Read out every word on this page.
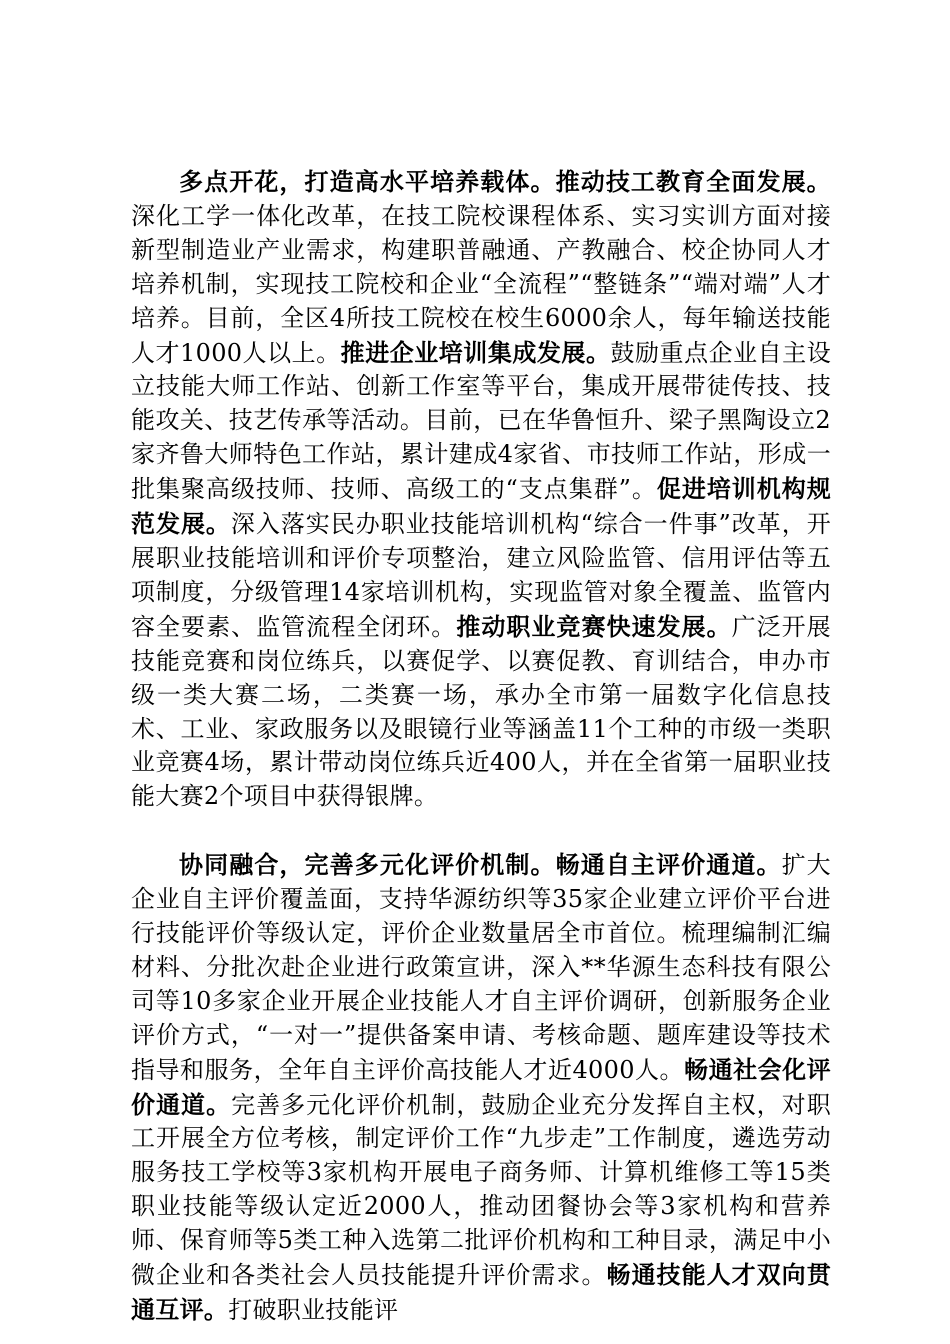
多点开花，打造高水平培养载体。推动技工教育全面发展。深化工学一体化改革，在技工院校课程体系、实习实训方面对接新型制造业产业需求，构建职普融通、产教融合、校企协同人才培养机制，实现技工院校和企业“全流程”“整链条”“端对端”人才培养。目前，全区4所技工院校在校生6000余人，每年输送技能人才1000人以上。推进企业培训集成发展。鼓励重点企业自主设立技能大师工作站、创新工作室等平台，集成开展带徒传技、技能攻关、技艺传承等活动。目前，已在华鲁恒升、梁子黑陶设立2家齐鲁大师特色工作站，累计建成4家省、市技师工作站，形成一批集聚高级技师、技师、高级工的“支点集群”。促进培训机构规范发展。深入落实民办职业技能培训机构“综合一件事”改革，开展职业技能培训和评价专项整治，建立风险监管、信用评估等五项制度，分级管理14家培训机构，实现监管对象全覆盖、监管内容全要素、监管流程全闭环。推动职业竞赛快速发展。广泛开展技能竞赛和岗位练兵，以赛促学、以赛促教、育训结合，申办市级一类大赛二场，二类赛一场，承办全市第一届数字化信息技术、工业、家政服务以及眼镜行业等涵盖11个工种的市级一类职业竞赛4场，累计带动岗位练兵近400人，并在全省第一届职业技能大赛2个项目中获得银牌。

协同融合，完善多元化评价机制。畅通自主评价通道。扩大企业自主评价覆盖面，支持华源纺织等35家企业建立评价平台进行技能评价等级认定，评价企业数量居全市首位。梳理编制汇编材料、分批次赴企业进行政策宣讲，深入**华源生态科技有限公司等10多家企业开展企业技能人才自主评价调研，创新服务企业评价方式，“一对一”提供备案申请、考核命题、题库建设等技术指导和服务，全年自主评价高技能人才近4000人。畅通社会化评价通道。完善多元化评价机制，鼓励企业充分发挥自主权，对职工开展全方位考核，制定评价工作“九步走”工作制度，遴选劳动服务技工学校等3家机构开展电子商务师、计算机维修工等15类职业技能等级认定近2000人，推动团餐协会等3家机构和营养师、保育师等5类工种入选第二批评价机构和工种目录，满足中小微企业和各类社会人员技能提升评价需求。畅通技能人才双向贯通互评。打破职业技能评
